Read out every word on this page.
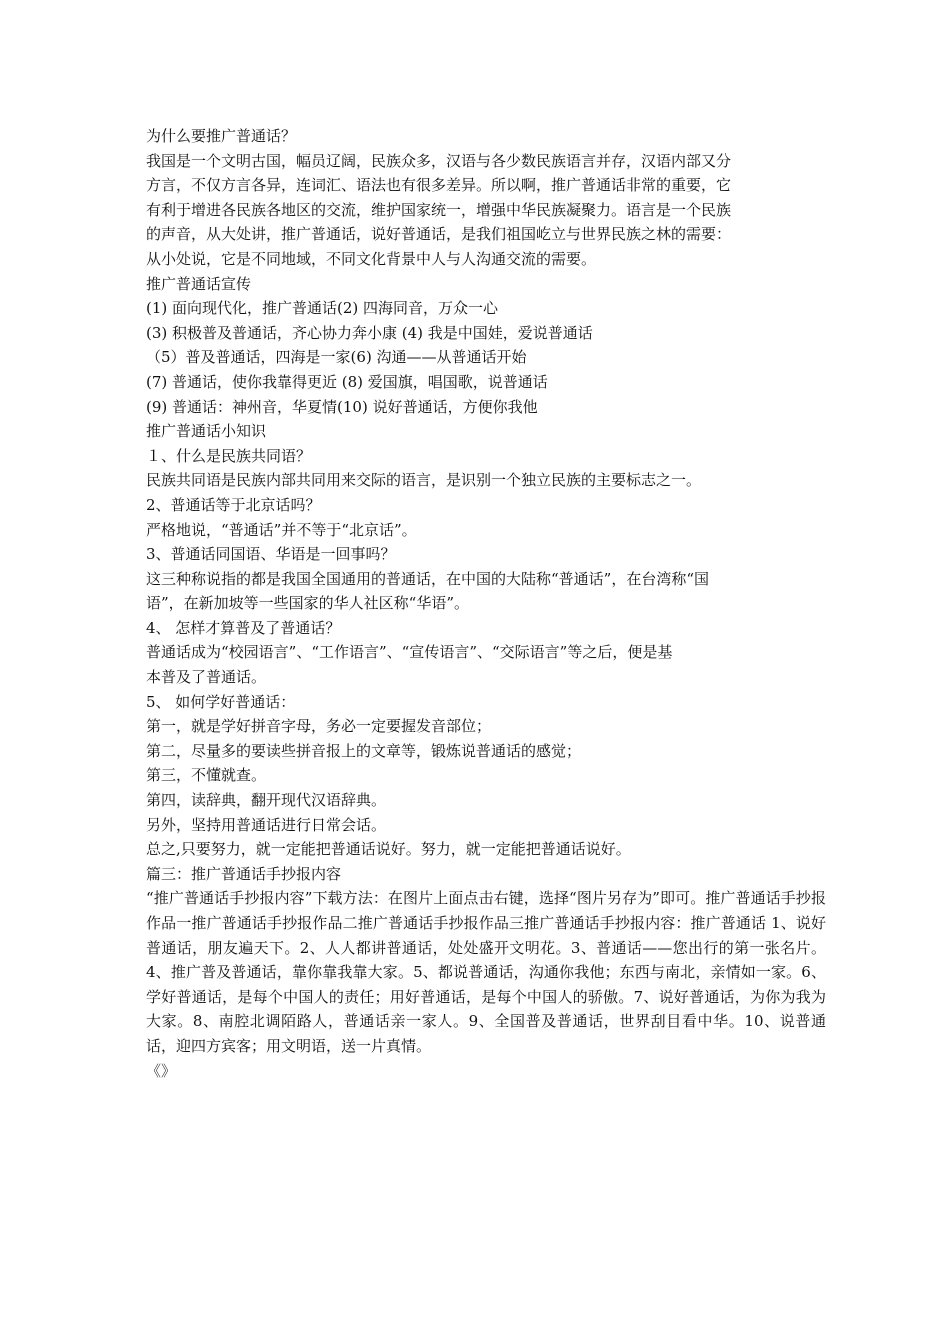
为什么要推广普通话？
我国是一个文明古国，幅员辽阔，民族众多，汉语与各少数民族语言并存，汉语内部又分
方言，不仅方言各异，连词汇、语法也有很多差异。所以啊，推广普通话非常的重要，它
有利于增进各民族各地区的交流，维护国家统一，增强中华民族凝聚力。语言是一个民族
的声音，从大处讲，推广普通话，说好普通话，是我们祖国屹立与世界民族之林的需要：
从小处说，它是不同地域，不同文化背景中人与人沟通交流的需要。
推广普通话宣传
(1) 面向现代化，推广普通话(2) 四海同音，万众一心
(3) 积极普及普通话，齐心协力奔小康 (4) 我是中国娃，爱说普通话
（5）普及普通话，四海是一家(6) 沟通——从普通话开始
(7) 普通话，使你我靠得更近 (8) 爱国旗，唱国歌，说普通话
(9) 普通话：神州音，华夏情(10) 说好普通话，方便你我他
推广普通话小知识
１、什么是民族共同语？
民族共同语是民族内部共同用来交际的语言，是识别一个独立民族的主要标志之一。
2、普通话等于北京话吗？
严格地说，“普通话”并不等于“北京话”。
3、普通话同国语、华语是一回事吗？
这三种称说指的都是我国全国通用的普通话，在中国的大陆称“普通话”，在台湾称“国
语”，在新加坡等一些国家的华人社区称“华语”。
4、 怎样才算普及了普通话？
普通话成为“校园语言”、“工作语言”、“宣传语言”、“交际语言”等之后，便是基
本普及了普通话。
5、 如何学好普通话：
第一，就是学好拼音字母，务必一定要握发音部位；
第二，尽量多的要读些拼音报上的文章等，锻炼说普通话的感觉；
第三，不懂就查。
第四，读辞典，翻开现代汉语辞典。
另外，坚持用普通话进行日常会话。
总之,只要努力，就一定能把普通话说好。努力，就一定能把普通话说好。
篇三：推广普通话手抄报内容

“推广普通话手抄报内容”下载方法：在图片上面点击右键，选择“图片另存为”即可。推广普通话手抄报作品一推广普通话手抄报作品二推广普通话手抄报作品三推广普通话手抄报内容：推广普通话 1、说好普通话，朋友遍天下。2、人人都讲普通话，处处盛开文明花。3、普通话——您出行的第一张名片。4、推广普及普通话，靠你靠我靠大家。5、都说普通话，沟通你我他；东西与南北，亲情如一家。6、学好普通话，是每个中国人的责任；用好普通话，是每个中国人的骄傲。7、说好普通话，为你为我为大家。8、南腔北调陌路人，普通话亲一家人。9、全国普及普通话，世界刮目看中华。10、说普通话，迎四方宾客；用文明语，送一片真情。

《》
